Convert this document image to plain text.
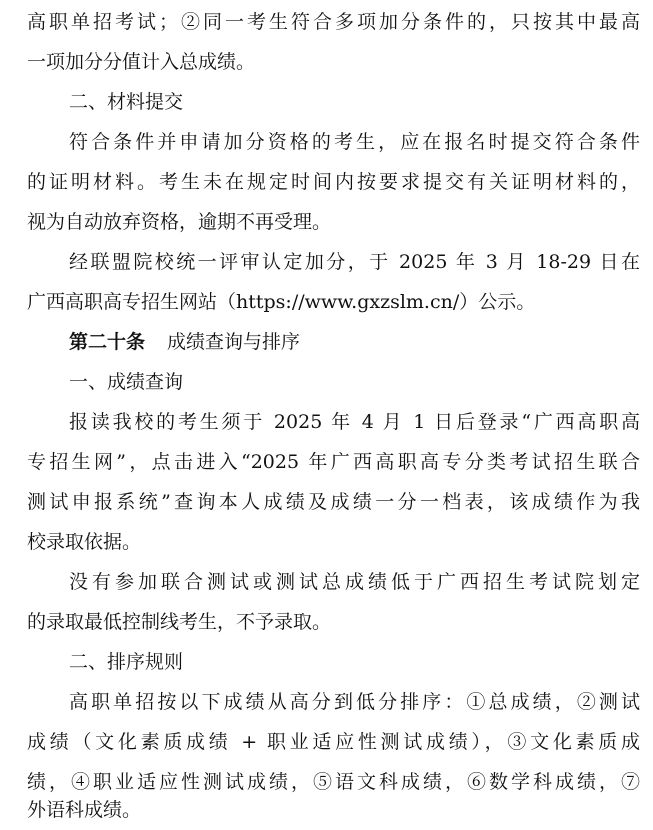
高职单招考试；②同一考生符合多项加分条件的，只按其中最高
一项加分分值计入总成绩。
二、材料提交
符合条件并申请加分资格的考生，应在报名时提交符合条件
的证明材料。考生未在规定时间内按要求提交有关证明材料的，
视为自动放弃资格，逾期不再受理。
经联盟院校统一评审认定加分，于 2025 年 3 月 18-29 日在
广西高职高专招生网站（https://www.gxzslm.cn/）公示。
第二十条 成绩查询与排序
一、成绩查询
报读我校的考生须于 2025 年 4 月 1 日后登录“广西高职高
专招生网”，点击进入“2025 年广西高职高专分类考试招生联合
测试申报系统”查询本人成绩及成绩一分一档表，该成绩作为我
校录取依据。
没有参加联合测试或测试总成绩低于广西招生考试院划定
的录取最低控制线考生，不予录取。
二、排序规则
高职单招按以下成绩从高分到低分排序：①总成绩，②测试
成绩（文化素质成绩 + 职业适应性测试成绩），③文化素质成
绩，④职业适应性测试成绩，⑤语文科成绩，⑥数学科成绩，⑦
外语科成绩。
